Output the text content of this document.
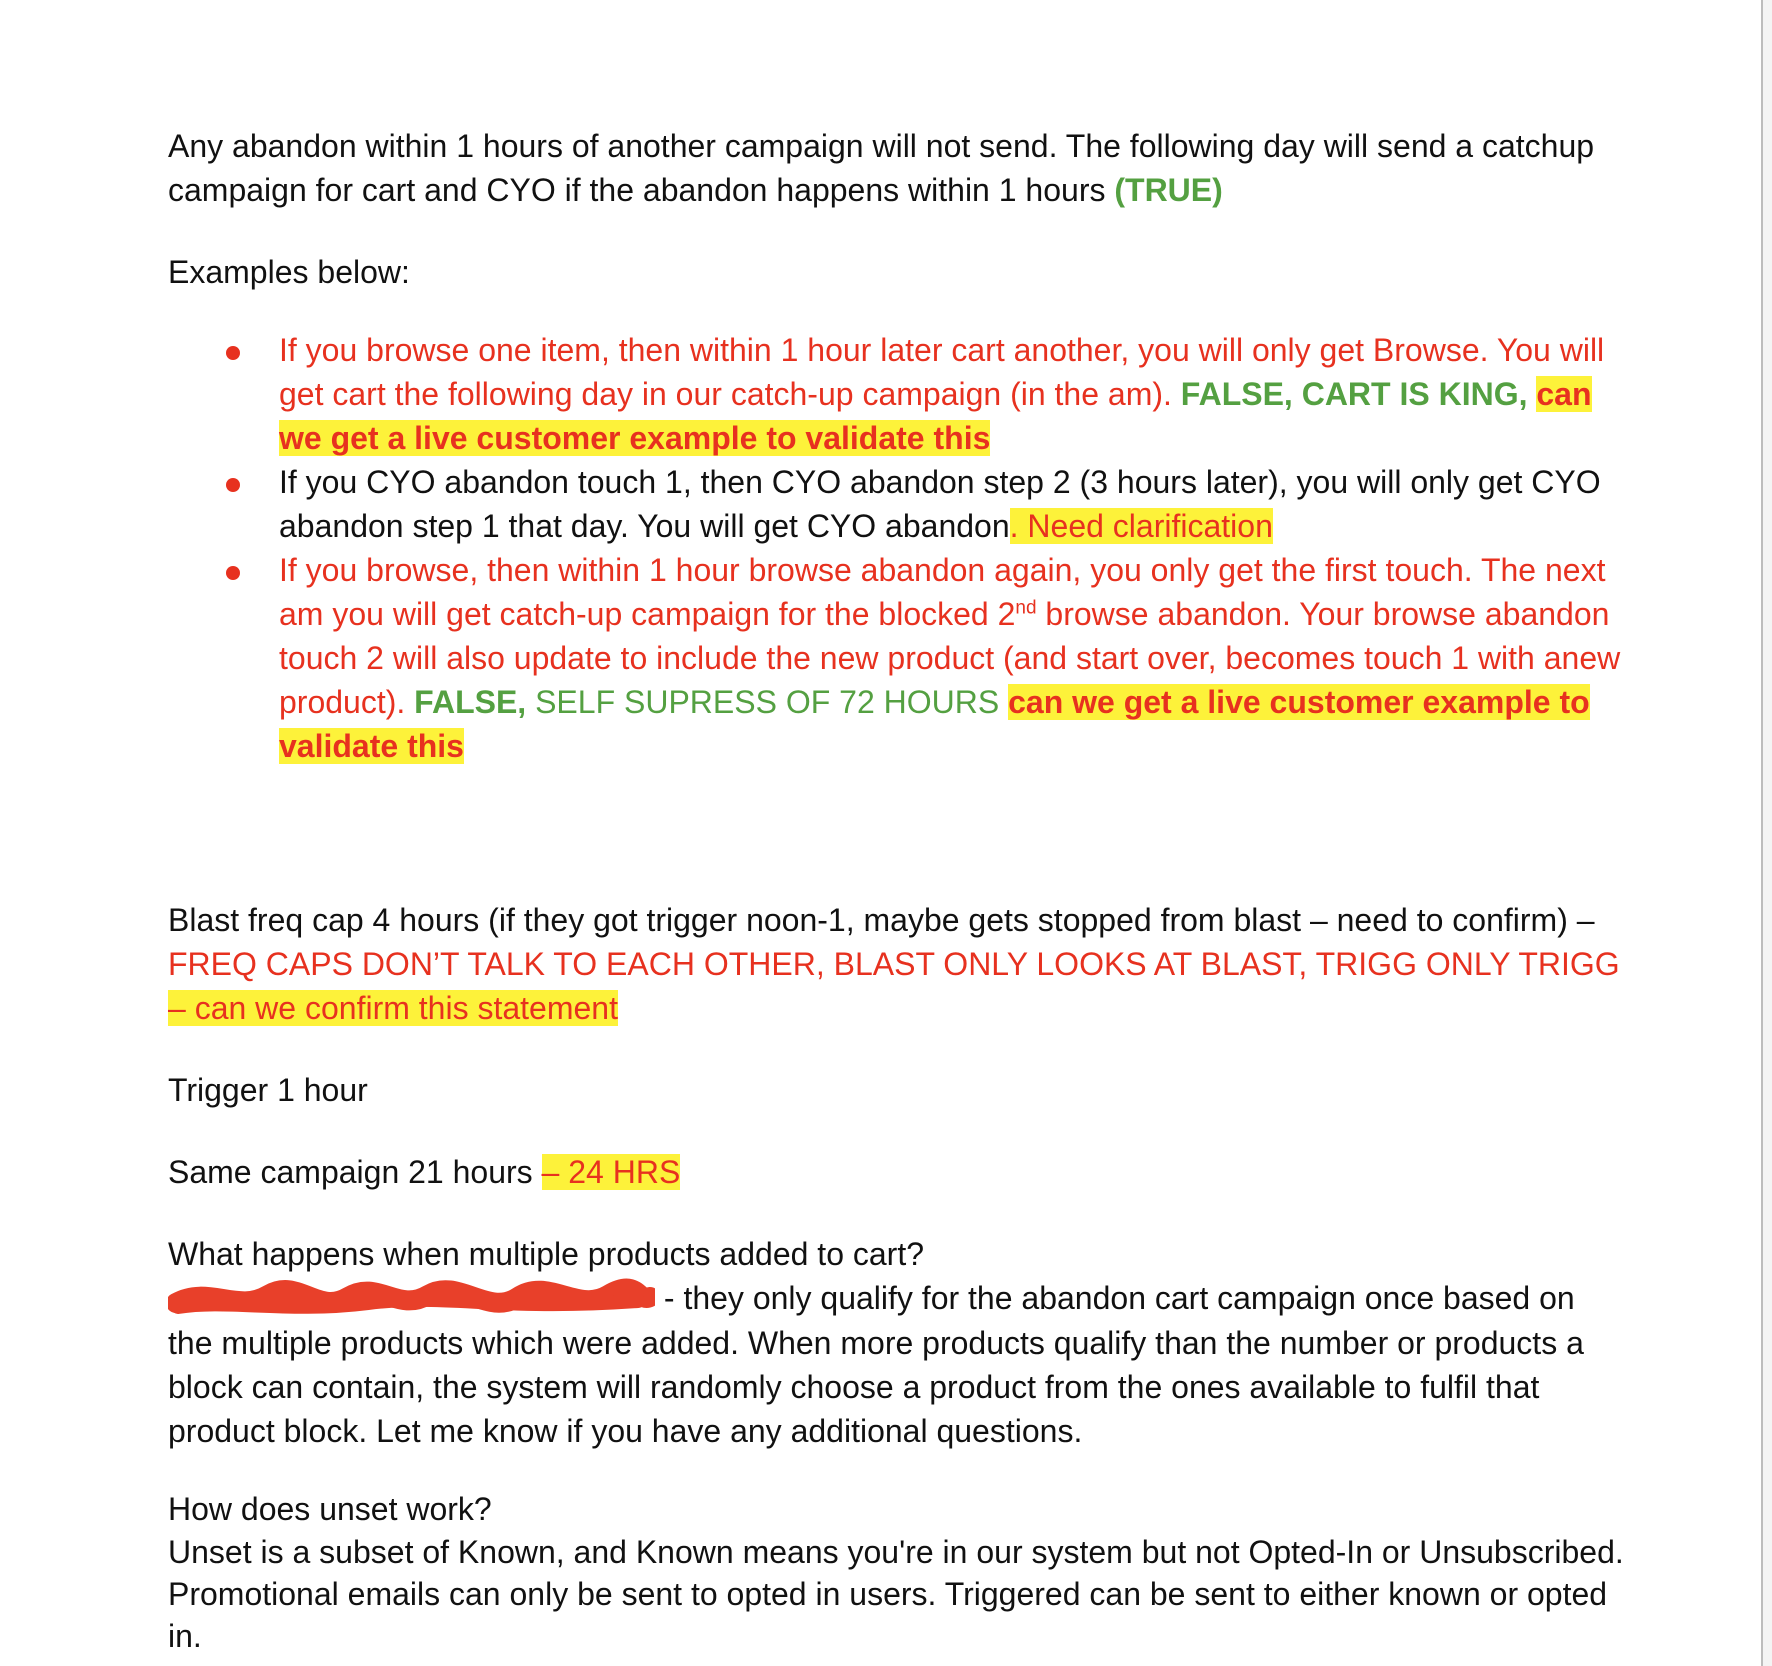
Any abandon within 1 hours of another campaign will not send. The following day will send a catchup campaign for cart and CYO if the abandon happens within 1 hours (TRUE)

Examples below:

If you browse one item, then within 1 hour later cart another, you will only get Browse. You will get cart the following day in our catch-up campaign (in the am). FALSE, CART IS KING, can we get a live customer example to validate this
If you CYO abandon touch 1, then CYO abandon step 2 (3 hours later), you will only get CYO abandon step 1 that day. You will get CYO abandon. Need clarification
If you browse, then within 1 hour browse abandon again, you only get the first touch. The next am you will get catch-up campaign for the blocked 2nd browse abandon. Your browse abandon touch 2 will also update to include the new product (and start over, becomes touch 1 with anew product). FALSE, SELF SUPRESS OF 72 HOURS can we get a live customer example to validate this

Blast freq cap 4 hours (if they got trigger noon-1, maybe gets stopped from blast – need to confirm) – FREQ CAPS DON’T TALK TO EACH OTHER, BLAST ONLY LOOKS AT BLAST, TRIGG ONLY TRIGG – can we confirm this statement

Trigger 1 hour

Same campaign 21 hours – 24 HRS

What happens when multiple products added to cart?

- they only qualify for the abandon cart campaign once based on the multiple products which were added. When more products qualify than the number or products a block can contain, the system will randomly choose a product from the ones available to fulfil that product block. Let me know if you have any additional questions.

How does unset work?

Unset is a subset of Known, and Known means you're in our system but not Opted-In or Unsubscribed. Promotional emails can only be sent to opted in users. Triggered can be sent to either known or opted in.
